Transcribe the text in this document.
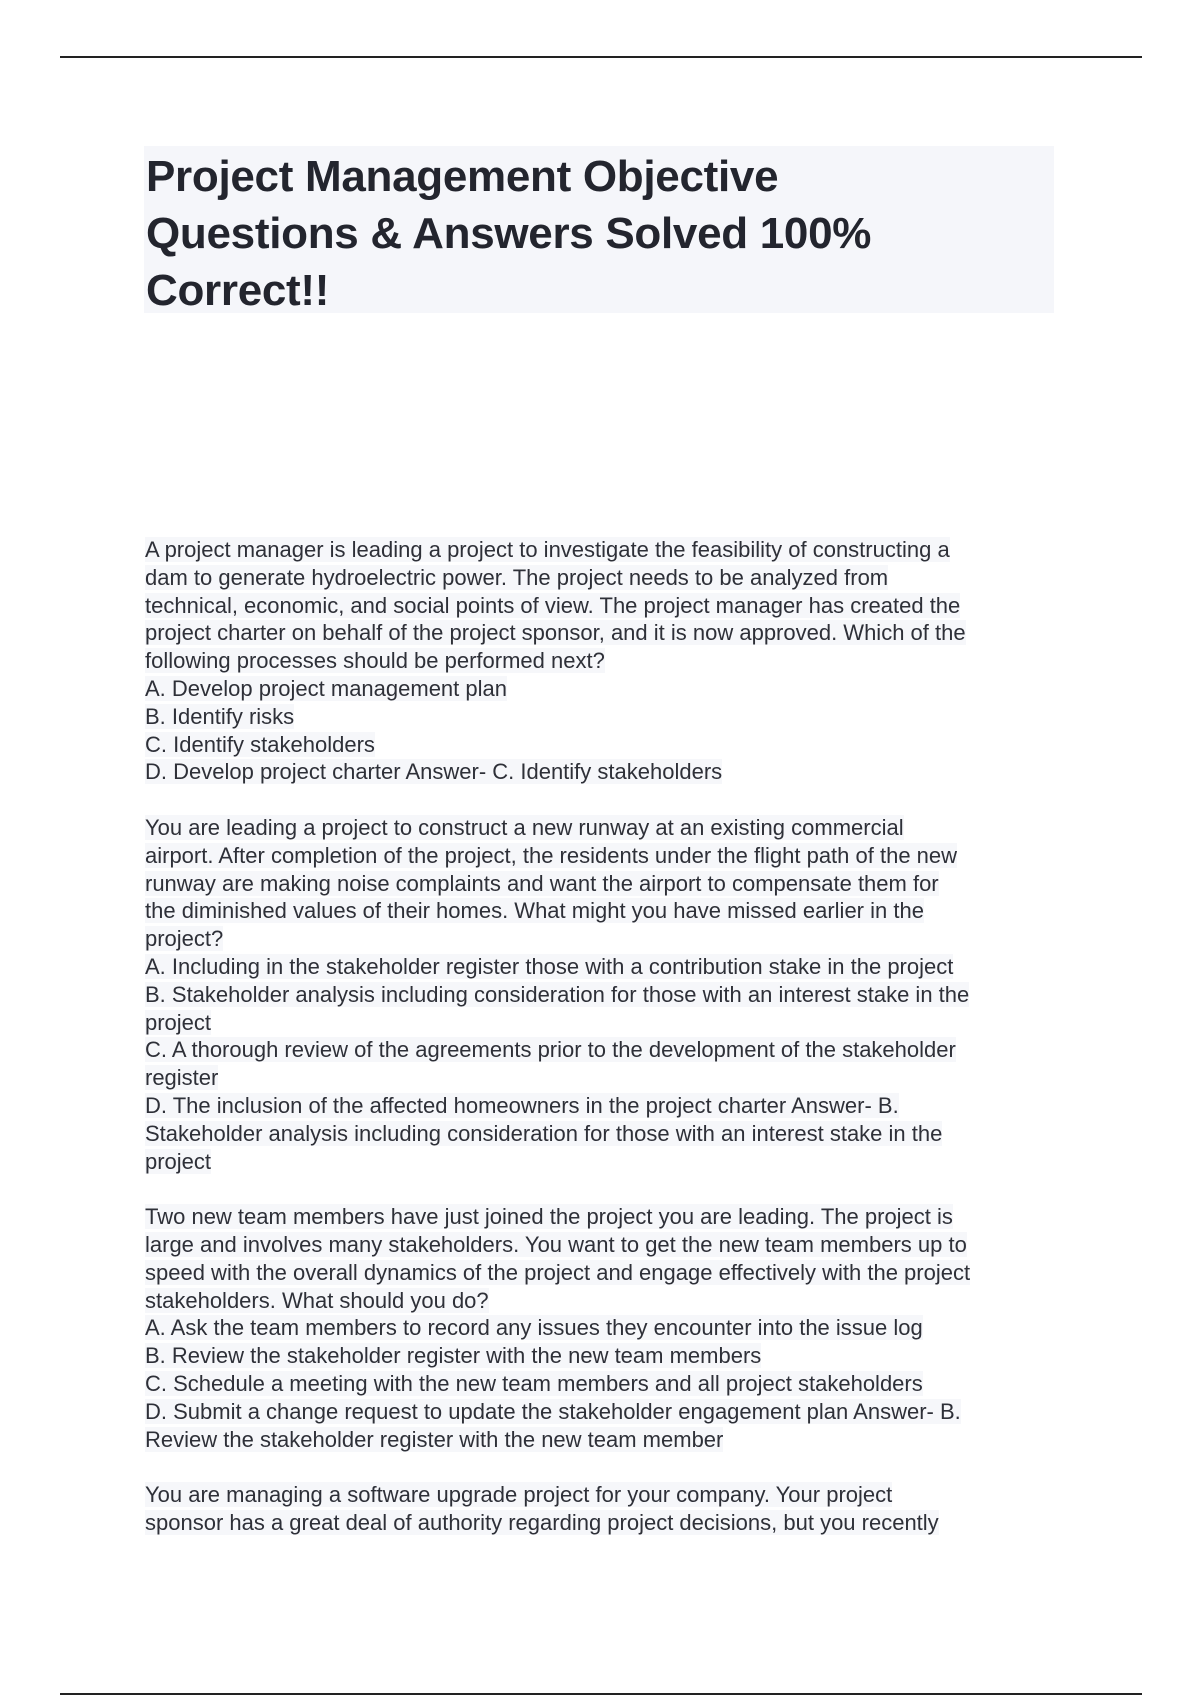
Project Management Objective
Questions & Answers Solved 100%
Correct!!

A project manager is leading a project to investigate the feasibility of constructing a
dam to generate hydroelectric power. The project needs to be analyzed from
technical, economic, and social points of view. The project manager has created the
project charter on behalf of the project sponsor, and it is now approved. Which of the
following processes should be performed next?
A. Develop project management plan
B. Identify risks
C. Identify stakeholders
D. Develop project charter Answer- C. Identify stakeholders

You are leading a project to construct a new runway at an existing commercial
airport. After completion of the project, the residents under the flight path of the new
runway are making noise complaints and want the airport to compensate them for
the diminished values of their homes. What might you have missed earlier in the
project?
A. Including in the stakeholder register those with a contribution stake in the project
B. Stakeholder analysis including consideration for those with an interest stake in the
project
C. A thorough review of the agreements prior to the development of the stakeholder
register
D. The inclusion of the affected homeowners in the project charter Answer- B.
Stakeholder analysis including consideration for those with an interest stake in the
project

Two new team members have just joined the project you are leading. The project is
large and involves many stakeholders. You want to get the new team members up to
speed with the overall dynamics of the project and engage effectively with the project
stakeholders. What should you do?
A. Ask the team members to record any issues they encounter into the issue log
B. Review the stakeholder register with the new team members
C. Schedule a meeting with the new team members and all project stakeholders
D. Submit a change request to update the stakeholder engagement plan Answer- B.
Review the stakeholder register with the new team member

You are managing a software upgrade project for your company. Your project
sponsor has a great deal of authority regarding project decisions, but you recently
